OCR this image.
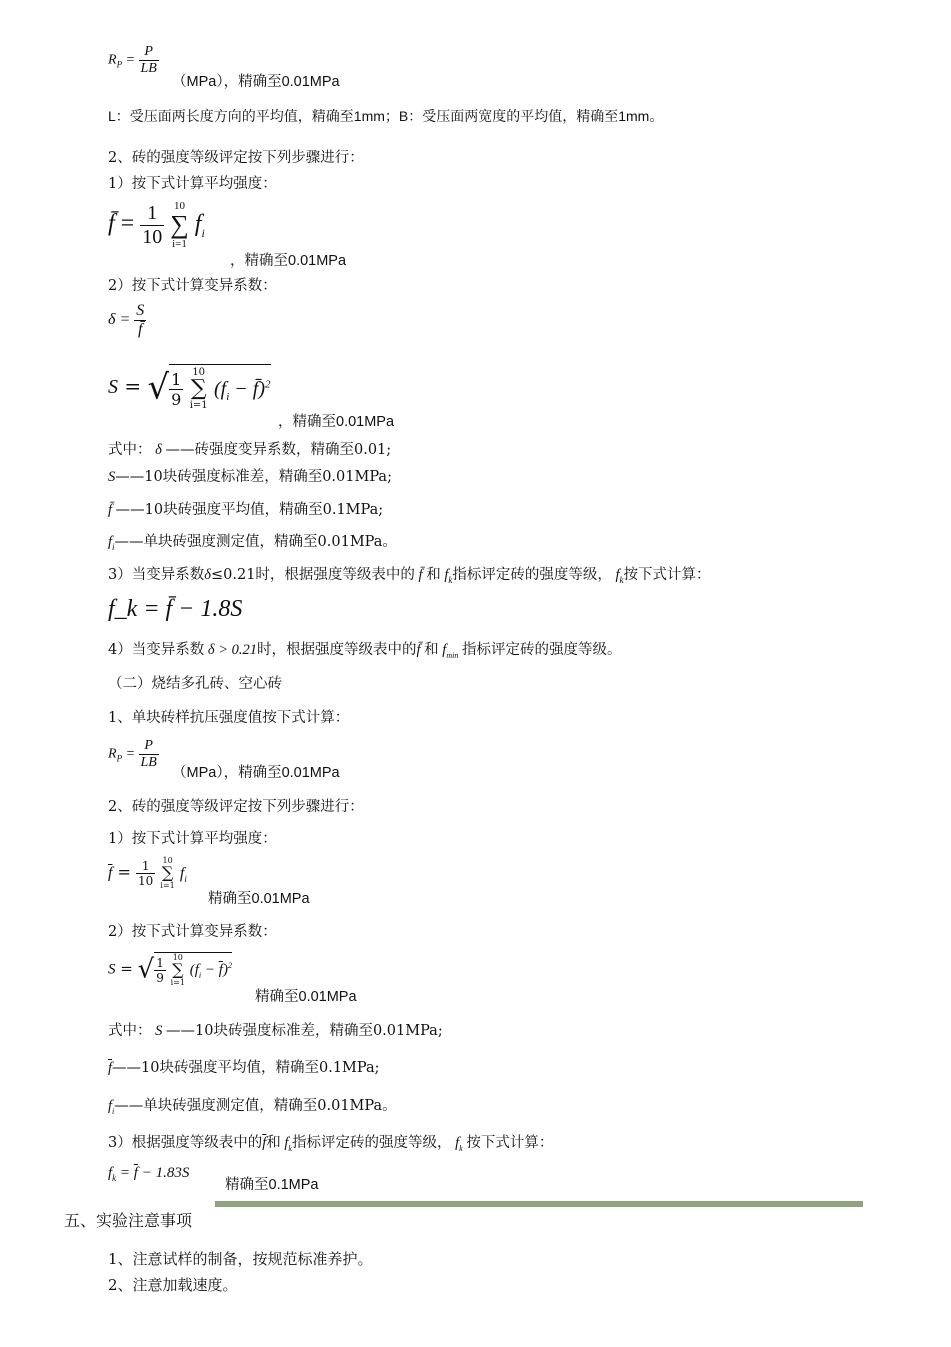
$R_P = \frac{P}{LB}$
（MPa），精确至0.01MPa
L：受压面两长度方向的平均值，精确至1mm；B：受压面两宽度的平均值，精确至1mm。
2、砖的强度等级评定按下列步骤进行：
1）按下式计算平均强度：
f̄ = $\frac{1}{10} 10$
∑
i=1 $f_i$
，精确至0.01MPa
2）按下式计算变异系数：
$\delta = \frac{S}{f̄}$
S = √ $\frac{1}{9} 10$
∑
i=1 ($f_i$ − f̄)$^2$
，精确至0.01MPa
式中： δ ——砖强度变异系数，精确至0.01;
S——10块砖强度标准差，精确至0.01MPa;
f̄ ——10块砖强度平均值，精确至0.1MPa;
$f_i——$单块砖强度测定值，精确至0.01MPa。
3）当变异系数δ≤0.21时，根据强度等级表中的 f̄ 和 $f_k$指标评定砖的强度等级， $f_k$按下式计算：
f_k = f̄ − 1.8S
4）当变异系数 δ > 0.21时，根据强度等级表中的f̄ 和 $f_{min}$ 指标评定砖的强度等级。
（二）烧结多孔砖、空心砖
1、单块砖样抗压强度值按下式计算：
$R_P = \frac{P}{LB}$
（MPa），精确至0.01MPa
2、砖的强度等级评定按下列步骤进行：
1）按下式计算平均强度：
$\overline{f} = \frac{1}{10} 10$
∑
i=1 $f_i$
精确至0.01MPa
2）按下式计算变异系数：
S = √ $\frac{1}{9} 10$
∑
i=1 $(f_i - \overline{f})^2$
精确至0.01MPa
式中： S ——10块砖强度标准差，精确至0.01MPa;
$\overline{f}——10$块砖强度平均值，精确至0.1MPa;
$f_i——$单块砖强度测定值，精确至0.01MPa。
3）根据强度等级表中的$\overline{f}$和 $f_k$指标评定砖的强度等级， $f_k$ 按下式计算：
$f_k = \overline{f} - 1.83S$
精确至0.1MPa
五、实验注意事项
1、注意试样的制备，按规范标准养护。
2、注意加载速度。
